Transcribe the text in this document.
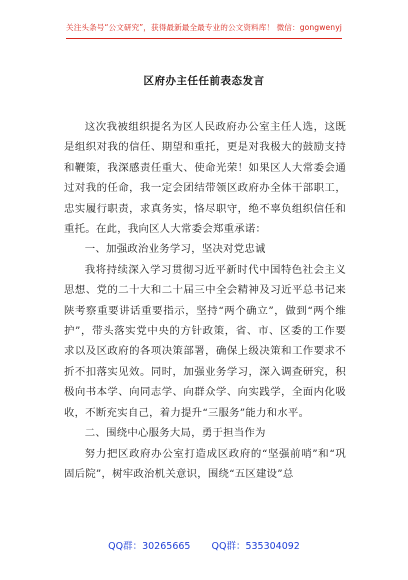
关注头条号“公文研究”，获得最新最全最专业的公文资料库！ 微信：gongwenyj
区府办主任任前表态发言

这次我被组织提名为区人民政府办公室主任人选，这既是组织对我的信任、期望和重托，更是对我极大的鼓励支持和鞭策，我深感责任重大、使命光荣！如果区人大常委会通过对我的任命，我一定会团结带领区政府办全体干部职工，忠实履行职责，求真务实，恪尽职守，绝不辜负组织信任和重托。在此，我向区人大常委会郑重承诺：

一、加强政治业务学习，坚决对党忠诚

我将持续深入学习贯彻习近平新时代中国特色社会主义思想、党的二十大和二十届三中全会精神及习近平总书记来陕考察重要讲话重要指示，坚持“两个确立”，做到“两个维护”，带头落实党中央的方针政策，省、市、区委的工作要求以及区政府的各项决策部署，确保上级决策和工作要求不折不扣落实见效。同时，加强业务学习，深入调查研究，积极向书本学、向同志学、向群众学、向实践学，全面内化吸收，不断充实自己，着力提升“三服务”能力和水平。

二、围绕中心服务大局，勇于担当作为

努力把区政府办公室打造成区政府的“坚强前哨”和“巩固后院”，树牢政治机关意识，围绕“五区建设”总

QQ群：30265665 QQ群：535304092
